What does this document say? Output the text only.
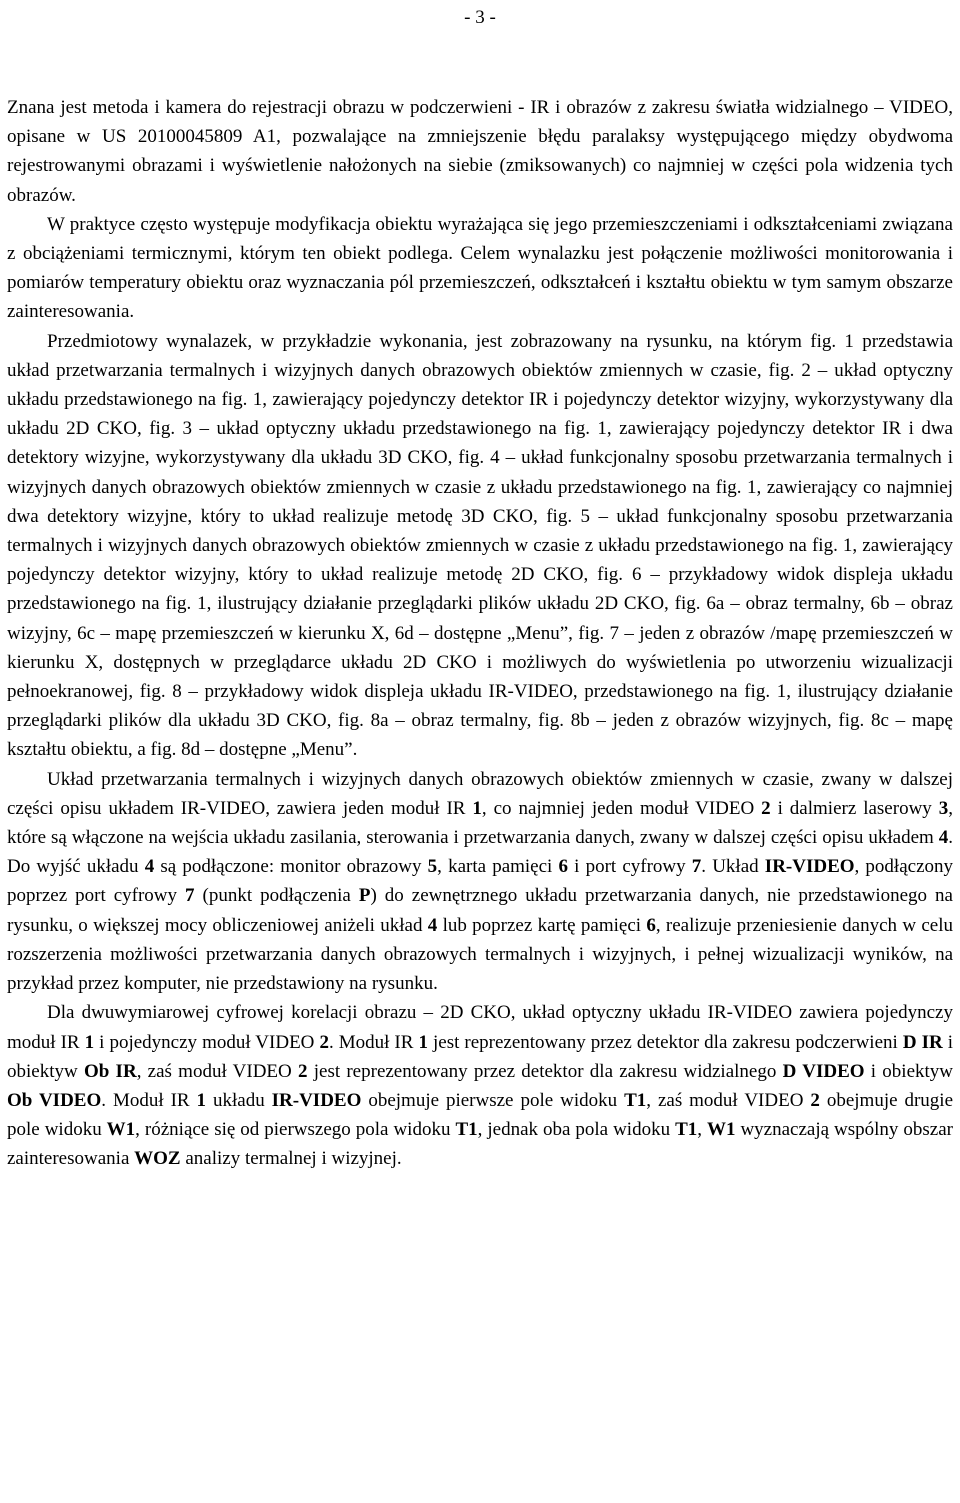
- 3 -

Znana jest metoda i kamera do rejestracji obrazu w podczerwieni - IR i obrazów z zakresu światła widzialnego – VIDEO, opisane w US 20100045809 A1, pozwalające na zmniejszenie błędu paralaksy występującego między obydwoma rejestrowanymi obrazami i wyświetlenie nałożonych na siebie (zmiksowanych) co najmniej w części pola widzenia tych obrazów.

W praktyce często występuje modyfikacja obiektu wyrażająca się jego przemieszczeniami i odkształceniami związana z obciążeniami termicznymi, którym ten obiekt podlega. Celem wynalazku jest połączenie możliwości monitorowania i pomiarów temperatury obiektu oraz wyznaczania pól przemieszczeń, odkształceń i kształtu obiektu w tym samym obszarze zainteresowania.

Przedmiotowy wynalazek, w przykładzie wykonania, jest zobrazowany na rysunku, na którym fig. 1 przedstawia układ przetwarzania termalnych i wizyjnych danych obrazowych obiektów zmiennych w czasie, fig. 2 – układ optyczny układu przedstawionego na fig. 1, zawierający pojedynczy detektor IR i pojedynczy detektor wizyjny, wykorzystywany dla układu 2D CKO, fig. 3 – układ optyczny układu przedstawionego na fig. 1, zawierający pojedynczy detektor IR i dwa detektory wizyjne, wykorzystywany dla układu 3D CKO, fig. 4 – układ funkcjonalny sposobu przetwarzania termalnych i wizyjnych danych obrazowych obiektów zmiennych w czasie z układu przedstawionego na fig. 1, zawierający co najmniej dwa detektory wizyjne, który to układ realizuje metodę 3D CKO, fig. 5 – układ funkcjonalny sposobu przetwarzania termalnych i wizyjnych danych obrazowych obiektów zmiennych w czasie z układu przedstawionego na fig. 1, zawierający pojedynczy detektor wizyjny, który to układ realizuje metodę 2D CKO, fig. 6 – przykładowy widok displeja układu przedstawionego na fig. 1, ilustrujący działanie przeglądarki plików układu 2D CKO, fig. 6a – obraz termalny, 6b – obraz wizyjny, 6c – mapę przemieszczeń w kierunku X, 6d – dostępne „Menu”, fig. 7 – jeden z obrazów /mapę przemieszczeń w kierunku X, dostępnych w przeglądarce układu 2D CKO i możliwych do wyświetlenia po utworzeniu wizualizacji pełnoekranowej, fig. 8 – przykładowy widok displeja układu IR-VIDEO, przedstawionego na fig. 1, ilustrujący działanie przeglądarki plików dla układu 3D CKO, fig. 8a – obraz termalny, fig. 8b – jeden z obrazów wizyjnych, fig. 8c – mapę kształtu obiektu, a fig. 8d – dostępne „Menu”.

Układ przetwarzania termalnych i wizyjnych danych obrazowych obiektów zmiennych w czasie, zwany w dalszej części opisu układem IR-VIDEO, zawiera jeden moduł IR 1, co najmniej jeden moduł VIDEO 2 i dalmierz laserowy 3, które są włączone na wejścia układu zasilania, sterowania i przetwarzania danych, zwany w dalszej części opisu układem 4. Do wyjść układu 4 są podłączone: monitor obrazowy 5, karta pamięci 6 i port cyfrowy 7. Układ IR-VIDEO, podłączony poprzez port cyfrowy 7 (punkt podłączenia P) do zewnętrznego układu przetwarzania danych, nie przedstawionego na rysunku, o większej mocy obliczeniowej aniżeli układ 4 lub poprzez kartę pamięci 6, realizuje przeniesienie danych w celu rozszerzenia możliwości przetwarzania danych obrazowych termalnych i wizyjnych, i pełnej wizualizacji wyników, na przykład przez komputer, nie przedstawiony na rysunku.

Dla dwuwymiarowej cyfrowej korelacji obrazu – 2D CKO, układ optyczny układu IR-VIDEO zawiera pojedynczy moduł IR 1 i pojedynczy moduł VIDEO 2. Moduł IR 1 jest reprezentowany przez detektor dla zakresu podczerwieni D IR i obiektyw Ob IR, zaś moduł VIDEO 2 jest reprezentowany przez detektor dla zakresu widzialnego D VIDEO i obiektyw Ob VIDEO. Moduł IR 1 układu IR-VIDEO obejmuje pierwsze pole widoku T1, zaś moduł VIDEO 2 obejmuje drugie pole widoku W1, różniące się od pierwszego pola widoku T1, jednak oba pola widoku T1, W1 wyznaczają wspólny obszar zainteresowania WOZ analizy termalnej i wizyjnej.
